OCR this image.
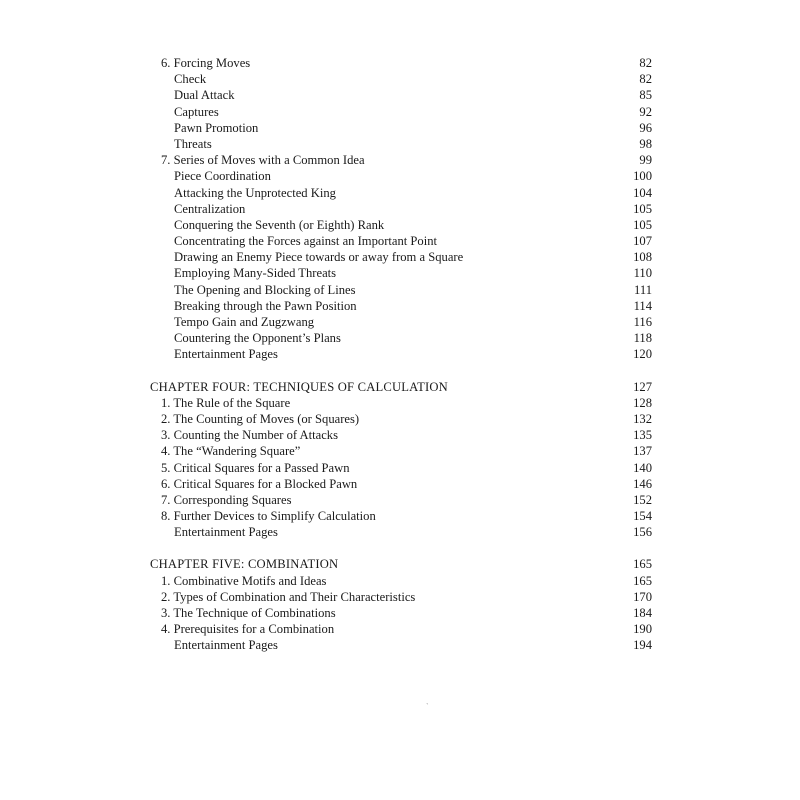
6. Forcing Moves	82
Check	82
Dual Attack	85
Captures	92
Pawn Promotion	96
Threats	98
7. Series of Moves with a Common Idea	99
Piece Coordination	100
Attacking the Unprotected King	104
Centralization	105
Conquering the Seventh (or Eighth) Rank	105
Concentrating the Forces against an Important Point	107
Drawing an Enemy Piece towards or away from a Square	108
Employing Many-Sided Threats	110
The Opening and Blocking of Lines	111
Breaking through the Pawn Position	114
Tempo Gain and Zugzwang	116
Countering the Opponent’s Plans	118
Entertainment Pages	120
CHAPTER FOUR: TECHNIQUES OF CALCULATION	127
1. The Rule of the Square	128
2. The Counting of Moves (or Squares)	132
3. Counting the Number of Attacks	135
4. The “Wandering Square”	137
5. Critical Squares for a Passed Pawn	140
6. Critical Squares for a Blocked Pawn	146
7. Corresponding Squares	152
8. Further Devices to Simplify Calculation	154
Entertainment Pages	156
CHAPTER FIVE: COMBINATION	165
1. Combinative Motifs and Ideas	165
2. Types of Combination and Their Characteristics	170
3. The Technique of Combinations	184
4. Prerequisites for a Combination	190
Entertainment Pages	194
ˋ
